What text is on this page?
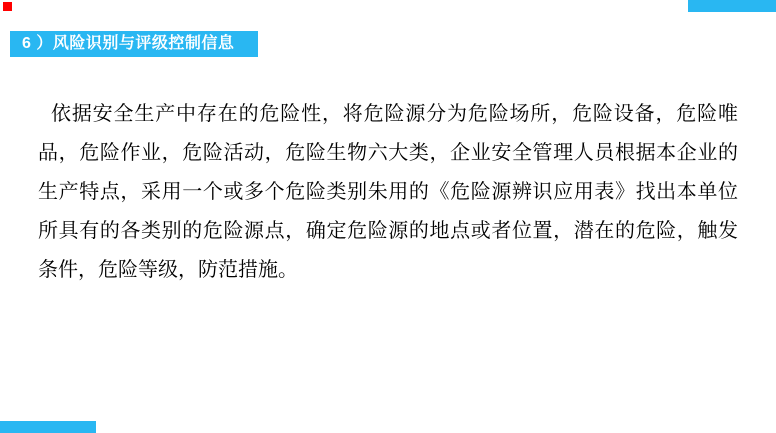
6 ）风险识别与评级控制信息
依据安全生产中存在的危险性，将危险源分为危险场所，危险设备，危险唯
品，危险作业，危险活动，危险生物六大类，企业安全管理人员根据本企业的
生产特点，采用一个或多个危险类别朱用的《危险源辨识应用表》找出本单位
所具有的各类别的危险源点，确定危险源的地点或者位置，潜在的危险，触发
条件，危险等级，防范措施。
